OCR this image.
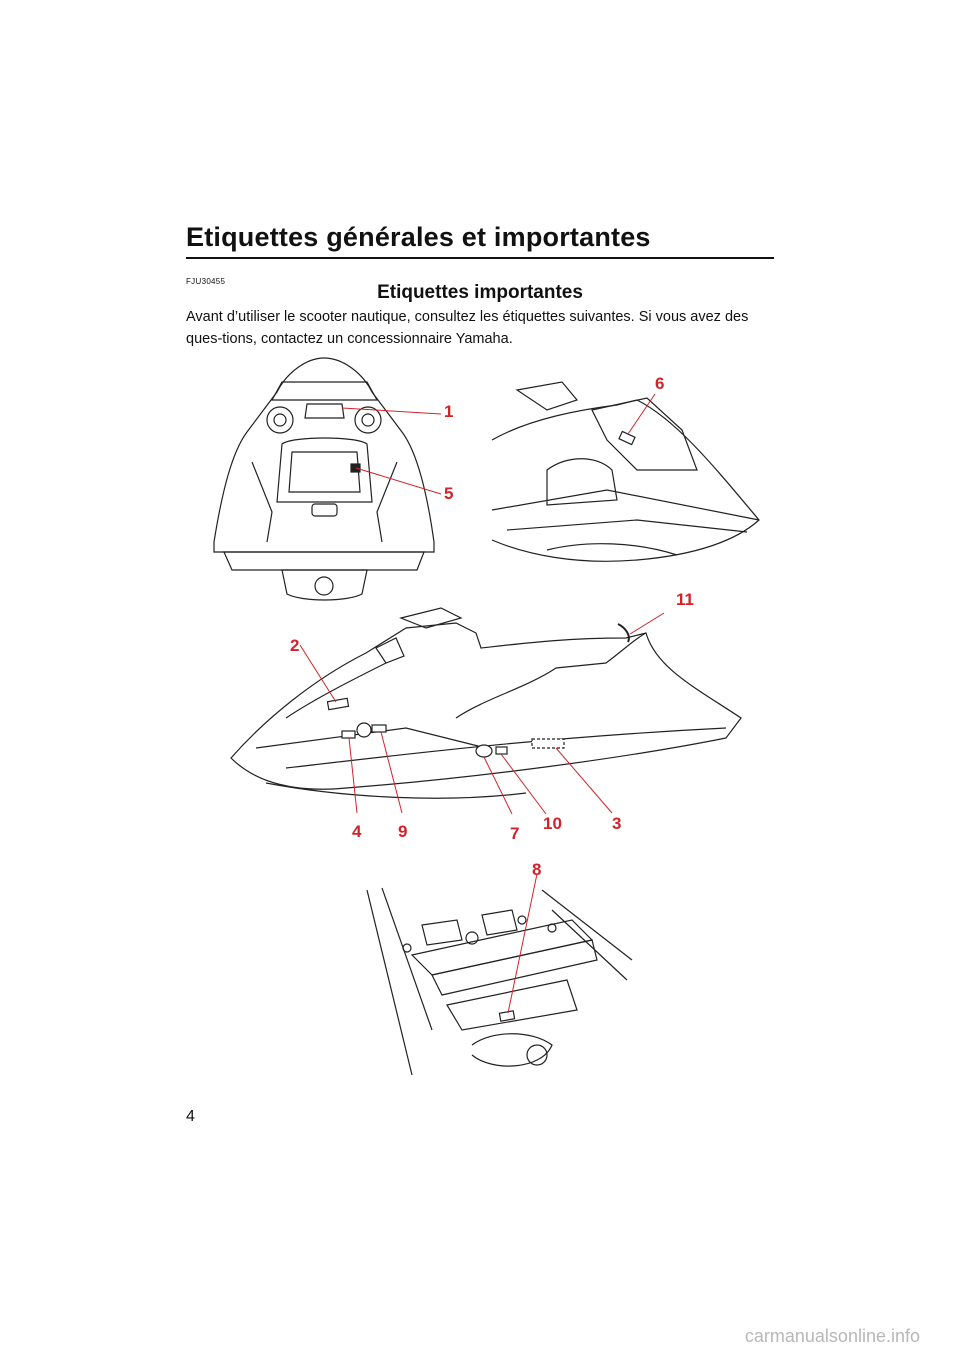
Etiquettes générales et importantes
FJU30455
Etiquettes importantes
Avant d’utiliser le scooter nautique, consultez les étiquettes suivantes. Si vous avez des ques-tions, contactez un concessionnaire Yamaha.
1
5
6
11
2
3
4 9	7
10
8
4
carmanualsonline.info
